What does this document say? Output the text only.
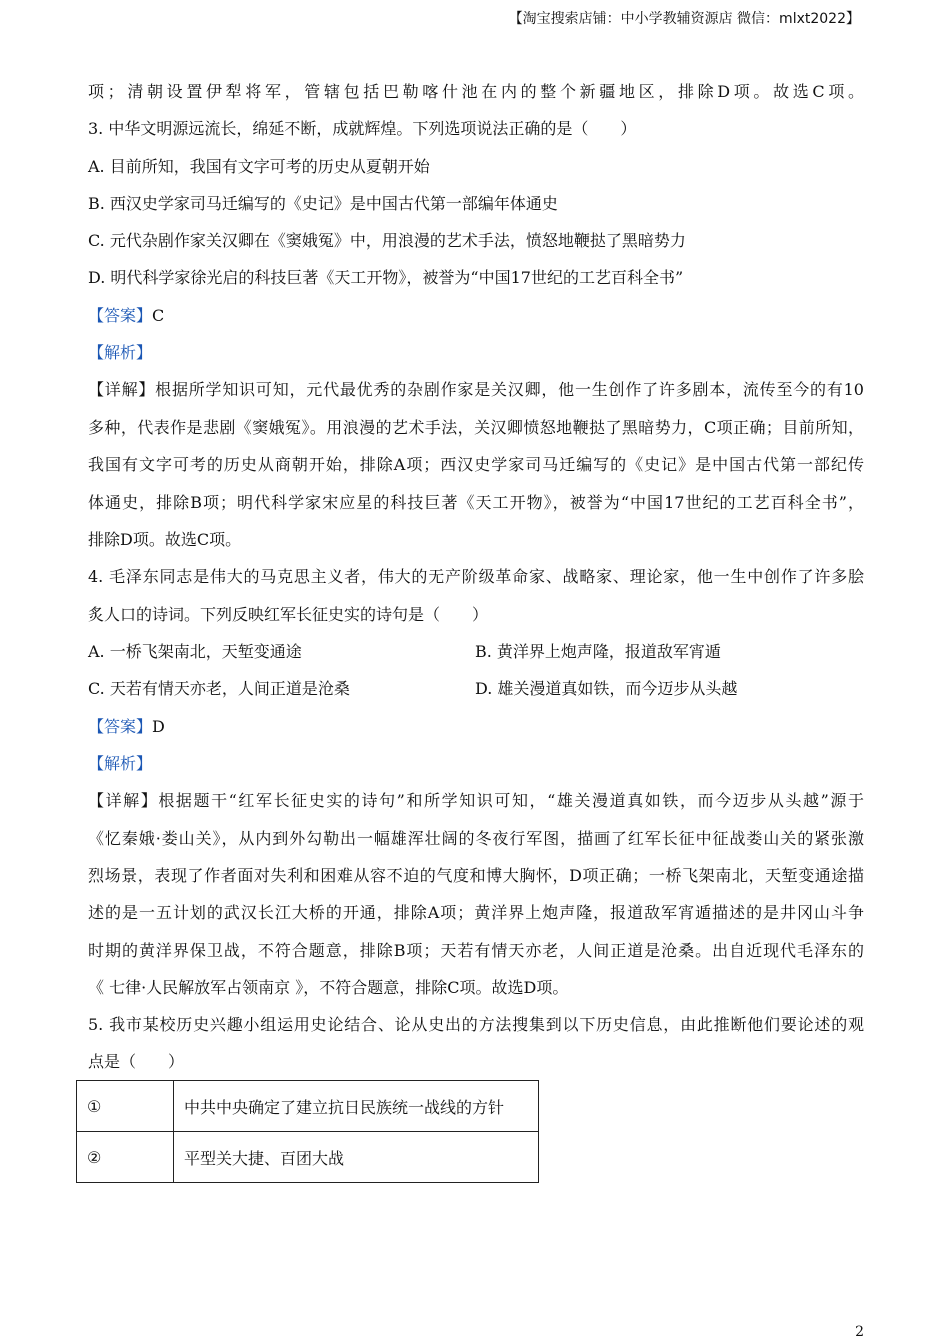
【淘宝搜索店铺：中小学教辅资源店 微信：mlxt2022】
项；清朝设置伊犁将军，管辖包括巴勒喀什池在内的整个新疆地区，排除D项。故选C项。
3. 中华文明源远流长，绵延不断，成就辉煌。下列选项说法正确的是（　　）
A. 目前所知，我国有文字可考的历史从夏朝开始
B. 西汉史学家司马迁编写的《史记》是中国古代第一部编年体通史
C. 元代杂剧作家关汉卿在《窦娥冤》中，用浪漫的艺术手法，愤怒地鞭挞了黑暗势力
D. 明代科学家徐光启的科技巨著《天工开物》，被誉为“中国17世纪的工艺百科全书”
【答案】C
【解析】
【详解】根据所学知识可知，元代最优秀的杂剧作家是关汉卿，他一生创作了许多剧本，流传至今的有10
多种，代表作是悲剧《窦娥冤》。用浪漫的艺术手法，关汉卿愤怒地鞭挞了黑暗势力，C项正确；目前所知，
我国有文字可考的历史从商朝开始，排除A项；西汉史学家司马迁编写的《史记》是中国古代第一部纪传
体通史，排除B项；明代科学家宋应星的科技巨著《天工开物》，被誉为“中国17世纪的工艺百科全书”，
排除D项。故选C项。
4. 毛泽东同志是伟大的马克思主义者，伟大的无产阶级革命家、战略家、理论家，他一生中创作了许多脍
炙人口的诗词。下列反映红军长征史实的诗句是（　　）
A. 一桥飞架南北，天堑变通途	B. 黄洋界上炮声隆，报道敌军宵遁
C. 天若有情天亦老，人间正道是沧桑	D. 雄关漫道真如铁，而今迈步从头越
【答案】D
【解析】
【详解】根据题干“红军长征史实的诗句”和所学知识可知，“雄关漫道真如铁，而今迈步从头越”源于
《忆秦娥·娄山关》，从内到外勾勒出一幅雄浑壮阔的冬夜行军图，描画了红军长征中征战娄山关的紧张激
烈场景，表现了作者面对失利和困难从容不迫的气度和博大胸怀，D项正确；一桥飞架南北，天堑变通途描
述的是一五计划的武汉长江大桥的开通，排除A项；黄洋界上炮声隆，报道敌军宵遁描述的是井冈山斗争
时期的黄洋界保卫战，不符合题意，排除B项；天若有情天亦老，人间正道是沧桑。出自近现代毛泽东的
《 七律·人民解放军占领南京 》，不符合题意，排除C项。故选D项。
5. 我市某校历史兴趣小组运用史论结合、论从史出的方法搜集到以下历史信息，由此推断他们要论述的观
点是（　　）
①	中共中央确定了建立抗日民族统一战线的方针
②	平型关大捷、百团大战
2
